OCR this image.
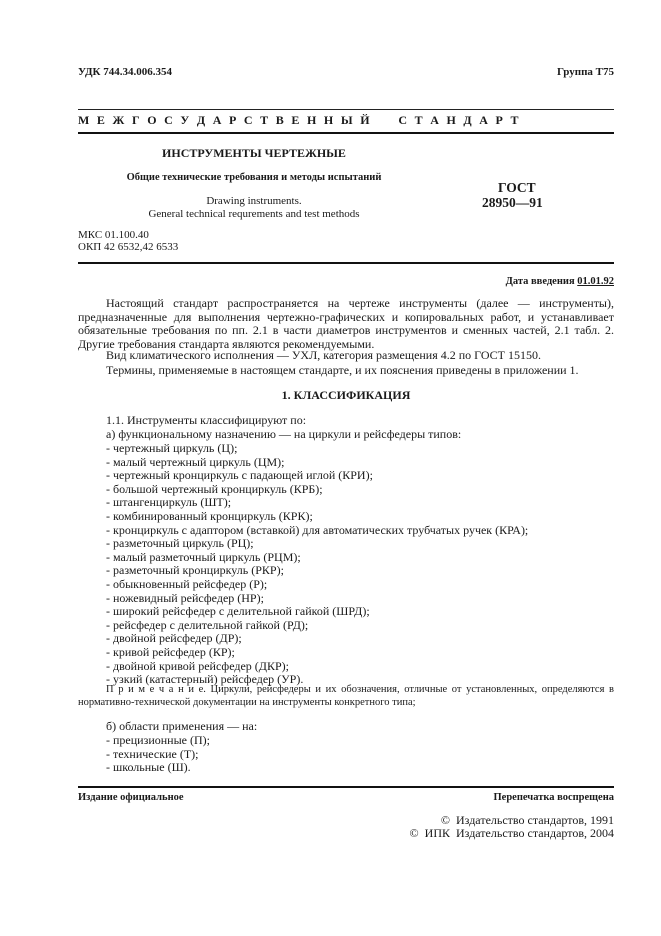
УДК 744.34.006.354	Группа Т75
М Е Ж Г О С У Д А Р С Т В Е Н Н Ы Й     С Т А Н Д А Р Т
ИНСТРУМЕНТЫ ЧЕРТЕЖНЫЕ
Общие технические требования и методы испытаний
Drawing instruments.
General technical requrements and test methods
ГОСТ
28950—91
МКС 01.100.40
ОКП 42 6532,42 6533
Дата введения 01.01.92
Настоящий стандарт распространяется на чертеже инструменты (далее — инструменты), предназначенные для выполнения чертежно-графических и копировальных работ, и устанавливает обязательные требования по пп. 2.1 в части диаметров инструментов и сменных частей, 2.1 табл. 2. Другие требования стандарта являются рекомендуемыми.
Вид климатического исполнения — УХЛ, категория размещения 4.2 по ГОСТ 15150.
Термины, применяемые в настоящем стандарте, и их пояснения приведены в приложении 1.
1. КЛАССИФИКАЦИЯ
1.1. Инструменты классифицируют по:
а) функциональному назначению — на циркули и рейсфедеры типов:
- чертежный циркуль (Ц);
- малый чертежный циркуль (ЦМ);
- чертежный кронциркуль с падающей иглой (КРИ);
- большой чертежный кронциркуль (КРБ);
- штангенциркуль (ШТ);
- комбинированный кронциркуль (КРК);
- кронциркуль с адаптором (вставкой) для автоматических трубчатых ручек (КРА);
- разметочный циркуль (РЦ);
- малый разметочный циркуль (РЦМ);
- разметочный кронциркуль (РКР);
- обыкновенный рейсфедер (Р);
- ножевидный рейсфедер (НР);
- широкий рейсфедер с делительной гайкой (ШРД);
- рейсфедер с делительной гайкой (РД);
- двойной рейсфедер (ДР);
- кривой рейсфедер (КР);
- двойной кривой рейсфедер (ДКР);
- узкий (катастерный) рейсфедер (УР).
П р и м е ч а н и е. Циркули, рейсфедеры и их обозначения, отличные от установленных, определяются в нормативно-технической документации на инструменты конкретного типа;
б) области применения — на:
- прецизионные (П);
- технические (Т);
- школьные (Ш).
Издание официальное	Перепечатка воспрещена
©  Издательство стандартов, 1991
©  ИПК  Издательство стандартов, 2004
